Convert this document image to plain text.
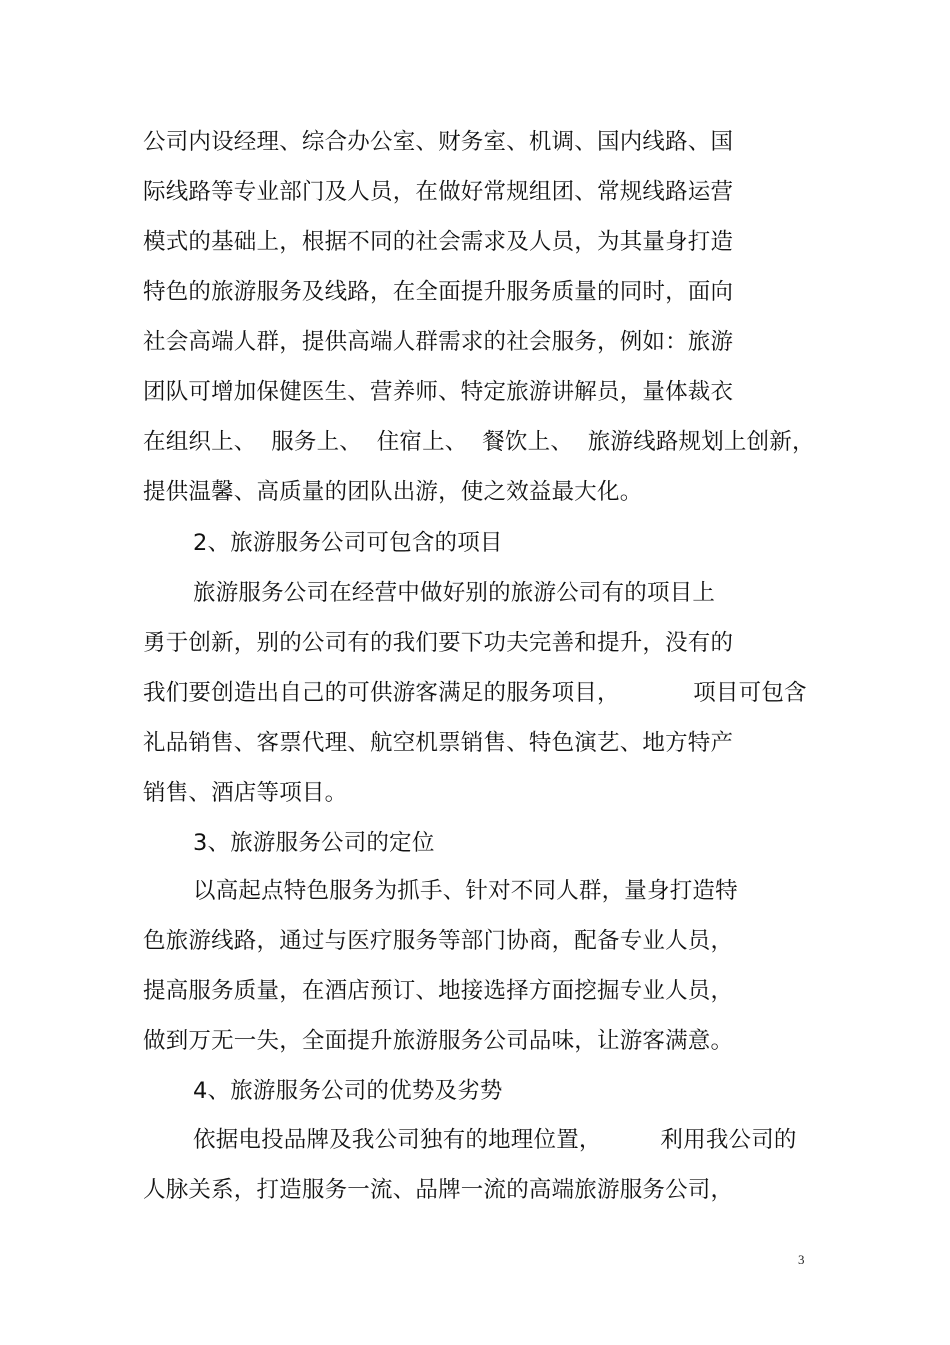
公司内设经理、综合办公室、财务室、机调、国内线路、国
际线路等专业部门及人员，在做好常规组团、常规线路运营
模式的基础上，根据不同的社会需求及人员，为其量身打造
特色的旅游服务及线路，在全面提升服务质量的同时，面向
社会高端人群，提供高端人群需求的社会服务，例如：旅游
团队可增加保健医生、营养师、特定旅游讲解员，量体裁衣
在组织上、  服务上、  住宿上、  餐饮上、  旅游线路规划上创新，
提供温馨、高质量的团队出游，使之效益最大化。
2、旅游服务公司可包含的项目
旅游服务公司在经营中做好别的旅游公司有的项目上
勇于创新，别的公司有的我们要下功夫完善和提升，没有的
我们要创造出自己的可供游客满足的服务项目，          项目可包含
礼品销售、客票代理、航空机票销售、特色演艺、地方特产
销售、酒店等项目。
3、旅游服务公司的定位
以高起点特色服务为抓手、针对不同人群，量身打造特
色旅游线路，通过与医疗服务等部门协商，配备专业人员，
提高服务质量，在酒店预订、地接选择方面挖掘专业人员，
做到万无一失，全面提升旅游服务公司品味，让游客满意。
4、旅游服务公司的优势及劣势
依据电投品牌及我公司独有的地理位置，        利用我公司的
人脉关系，打造服务一流、品牌一流的高端旅游服务公司，
3
